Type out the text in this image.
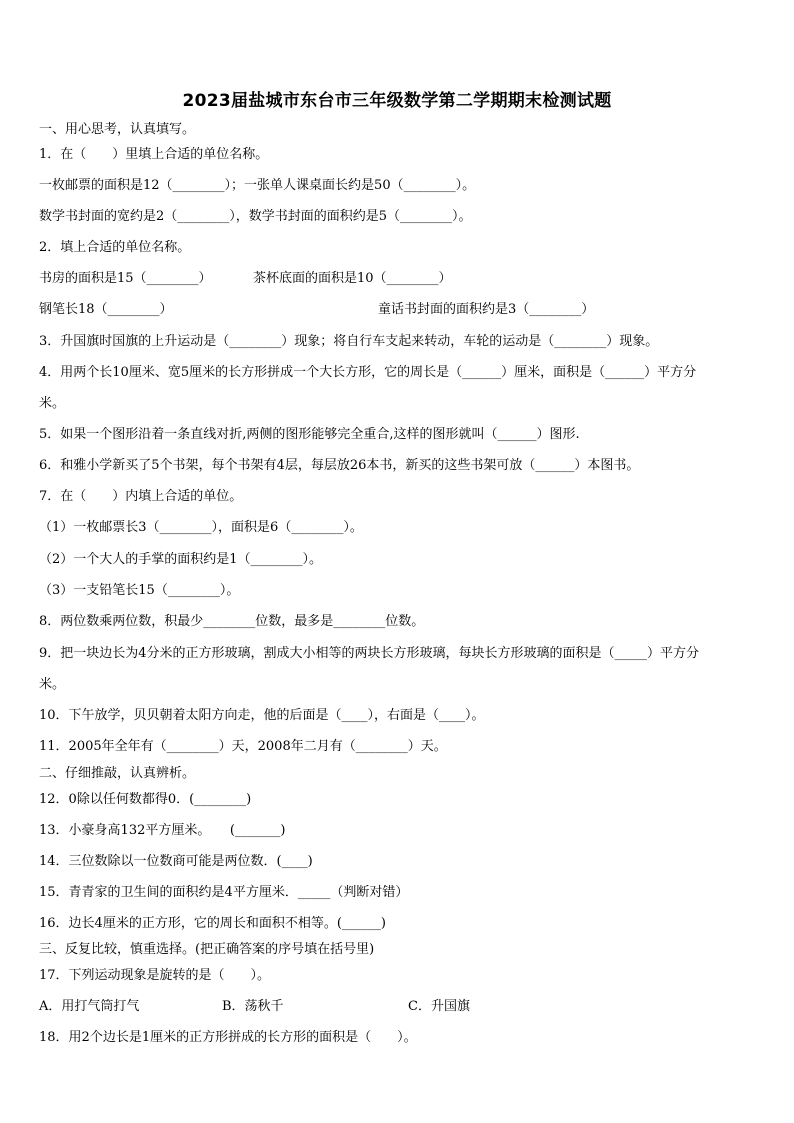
2023届盐城市东台市三年级数学第二学期期末检测试题
一、用心思考，认真填写。
1．在（　　）里填上合适的单位名称。
一枚邮票的面积是12（________）；一张单人课桌面长约是50（________）。
数学书封面的宽约是2（________），数学书封面的面积约是5（________）。
2．填上合适的单位名称。
书房的面积是15（________）	茶杯底面的面积是10（________）
钢笔长18（________）	童话书封面的面积约是3（________）
3．升国旗时国旗的上升运动是（________）现象；将自行车支起来转动，车轮的运动是（________）现象。
4．用两个长10厘米、宽5厘米的长方形拼成一个大长方形，它的周长是（______）厘米，面积是（______）平方分
米。
5．如果一个图形沿着一条直线对折,两侧的图形能够完全重合,这样的图形就叫（______）图形.
6．和雅小学新买了5个书架，每个书架有4层，每层放26本书，新买的这些书架可放（______）本图书。
7．在（　　）内填上合适的单位。
（1）一枚邮票长3（________），面积是6（________）。
（2）一个大人的手掌的面积约是1（________）。
（3）一支铅笔长15（________）。
8．两位数乘两位数，积最少________位数，最多是________位数。
9．把一块边长为4分米的正方形玻璃，割成大小相等的两块长方形玻璃，每块长方形玻璃的面积是（_____）平方分
米。
10．下午放学，贝贝朝着太阳方向走，他的后面是（____），右面是（____）。
11．2005年全年有（________）天，2008年二月有（________）天。
二、仔细推敲，认真辨析。
12．0除以任何数都得0．(________)
13．小豪身高132平方厘米。　　(_______)
14．三位数除以一位数商可能是两位数．(____)
15．青青家的卫生间的面积约是4平方厘米．_____（判断对错）
16．边长4厘米的正方形，它的周长和面积不相等。(______)
三、反复比较，慎重选择。(把正确答案的序号填在括号里)
17．下列运动现象是旋转的是（　　）。
A．用打气筒打气	B．荡秋千	C．升国旗
18．用2个边长是1厘米的正方形拼成的长方形的面积是（　　）。
